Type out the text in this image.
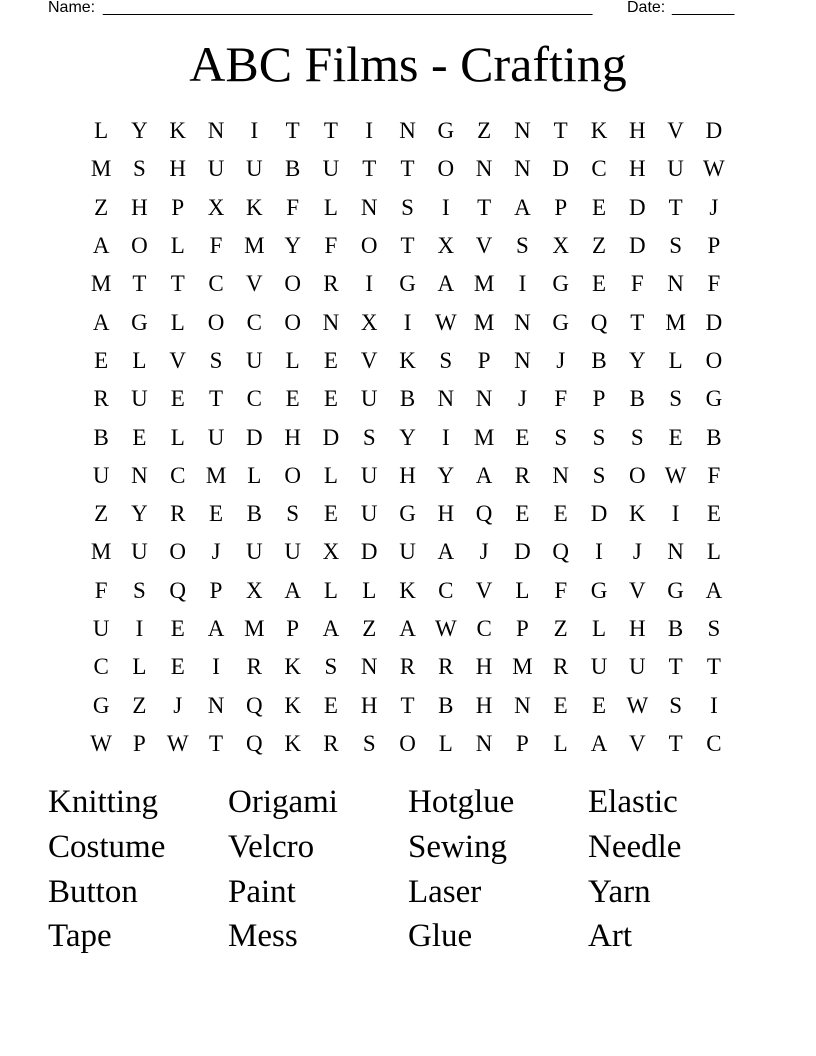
Name: _______________________________________________________ Date: _______
ABC Films - Crafting
L Y K N	I	T	T	I	N G Z N T K H V D
M S	H U U B U T	T O N N D C H U W
Z H	P	X K	F	L N	S	I	T A	P	E D T	J
A O L	F M Y	F	O T X V	S	X Z D	S	P
M T	T	C V O R	I	G A M	I	G E	F	N	F
A G L O C O N X	I	W M N G Q T M D
E	L V	S	U L	E V K	S	P	N	J	B Y L O
R U E	T	C	E	E U B N N	J	F	P	B	S	G
B	E	L U D H D	S	Y	I	M E	S	S	S	E	B
U N C M L O L U H Y A R N	S	O W F
Z Y R	E	B	S	E U G H Q E	E D K	I	E
M U O	J	U U X D U A	J	D Q	I	J	N L
F	S	Q	P	X A L	L K C V L	F	G V G A
U	I	E A M P	A Z A W C	P	Z	L H B	S
C	L	E	I	R K	S	N R R H M R U U T	T
G Z	J	N Q K E H T	B H N E	E W S	I
W P W T Q K R	S	O L N	P	L A V T	C
Knitting	Origami	Hotglue	Elastic
Costume	Velcro	Sewing	Needle
Button	Paint	Laser	Yarn
Tape	Mess	Glue	Art
